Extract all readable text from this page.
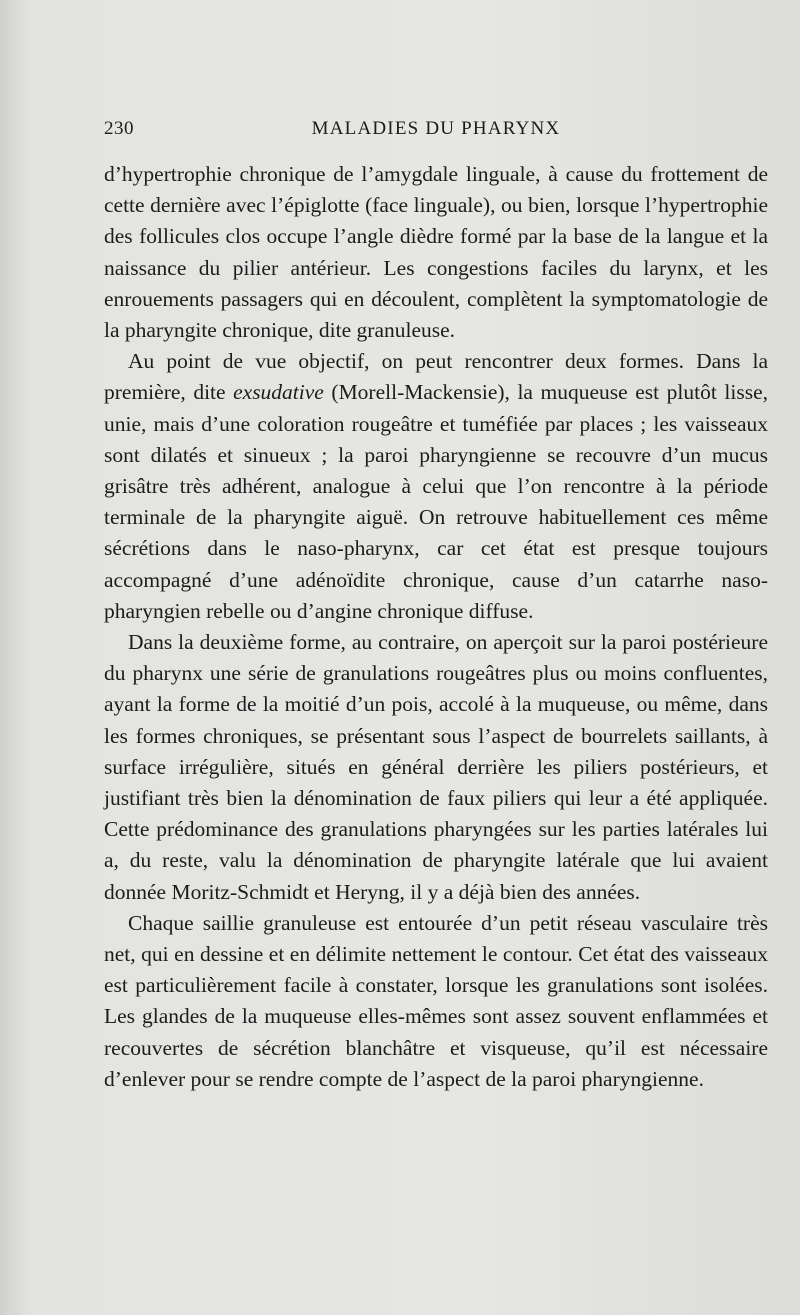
230	MALADIES DU PHARYNX

d’hypertrophie chronique de l’amygdale linguale, à cause du frottement de cette dernière avec l’épiglotte (face linguale), ou bien, lorsque l’hypertrophie des follicules clos occupe l’angle dièdre formé par la base de la langue et la naissance du pilier antérieur. Les congestions faciles du larynx, et les enrouements passagers qui en découlent, complètent la symptomatologie de la pharyngite chronique, dite granuleuse.

Au point de vue objectif, on peut rencontrer deux formes. Dans la première, dite exsudative (Morell-Mackensie), la muqueuse est plutôt lisse, unie, mais d’une coloration rougeâtre et tuméfiée par places ; les vaisseaux sont dilatés et sinueux ; la paroi pharyngienne se recouvre d’un mucus grisâtre très adhérent, analogue à celui que l’on rencontre à la période terminale de la pharyngite aiguë. On retrouve habituellement ces même sécrétions dans le naso-pharynx, car cet état est presque toujours accompagné d’une adénoïdite chronique, cause d’un catarrhe naso-pharyngien rebelle ou d’angine chronique diffuse.

Dans la deuxième forme, au contraire, on aperçoit sur la paroi postérieure du pharynx une série de granulations rougeâtres plus ou moins confluentes, ayant la forme de la moitié d’un pois, accolé à la muqueuse, ou même, dans les formes chroniques, se présentant sous l’aspect de bourrelets saillants, à surface irrégulière, situés en général derrière les piliers postérieurs, et justifiant très bien la dénomination de faux piliers qui leur a été appliquée. Cette prédominance des granulations pharyngées sur les parties latérales lui a, du reste, valu la dénomination de pharyngite latérale que lui avaient donnée Moritz-Schmidt et Heryng, il y a déjà bien des années.

Chaque saillie granuleuse est entourée d’un petit réseau vasculaire très net, qui en dessine et en délimite nettement le contour. Cet état des vaisseaux est particulièrement facile à constater, lorsque les granulations sont isolées. Les glandes de la muqueuse elles-mêmes sont assez souvent enflammées et recouvertes de sécrétion blanchâtre et visqueuse, qu’il est nécessaire d’enlever pour se rendre compte de l’aspect de la paroi pharyngienne.
